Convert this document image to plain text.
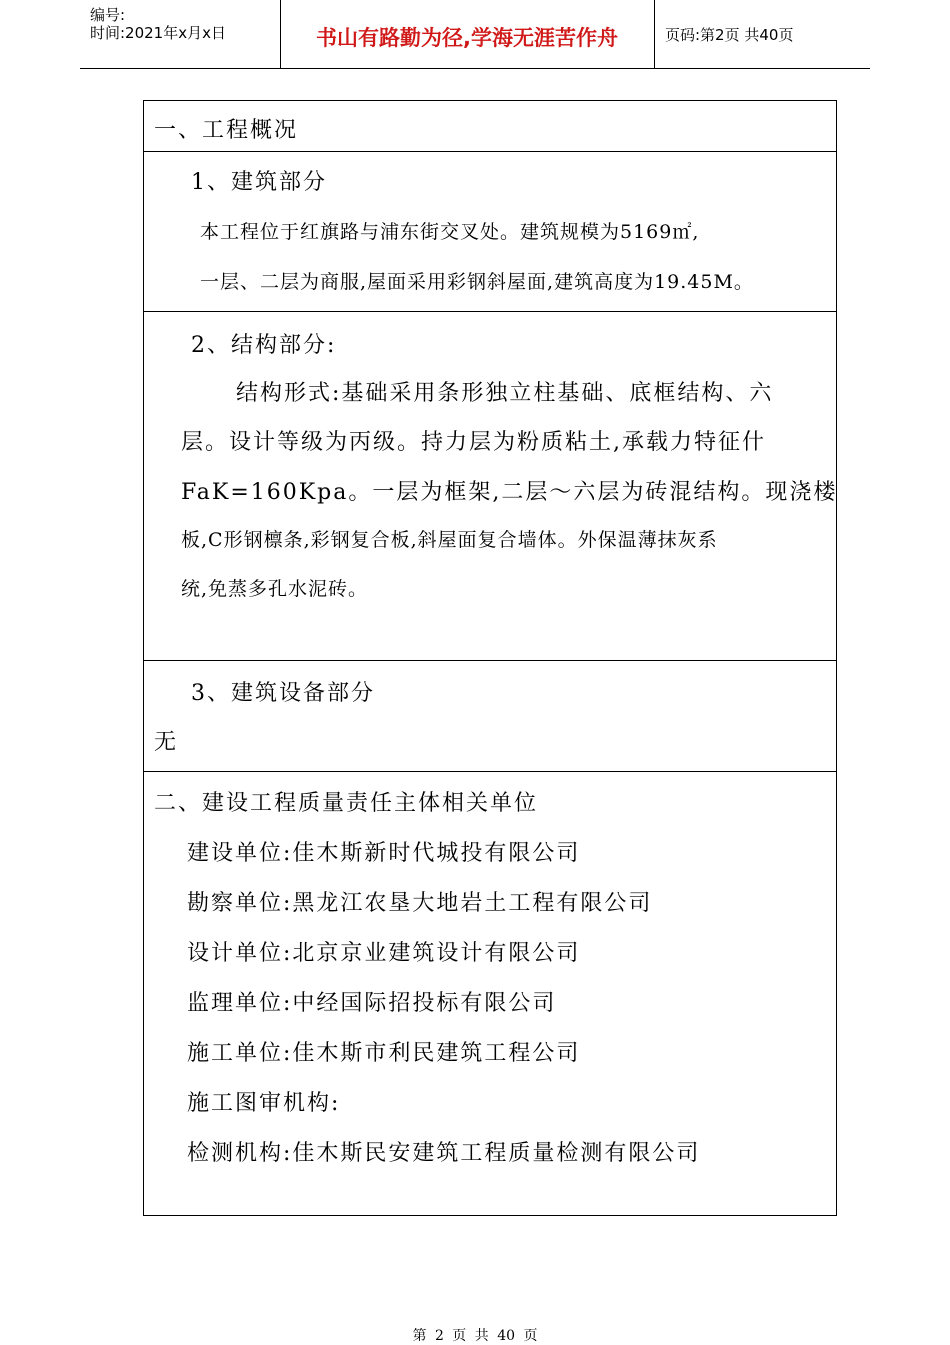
编号:
时间:2021年x月x日	书山有路勤为径,学海无涯苦作舟	页码:第2页 共40页
一、工程概况
1、建筑部分
本工程位于红旗路与浦东街交叉处。建筑规模为5169㎡,
一层、二层为商服,屋面采用彩钢斜屋面,建筑高度为19.45M。
2、结构部分:
结构形式:基础采用条形独立柱基础、底框结构、六
层。设计等级为丙级。持力层为粉质粘土,承载力特征什
FaK=160Kpa。一层为框架,二层～六层为砖混结构。现浇楼
板,C形钢檩条,彩钢复合板,斜屋面复合墙体。外保温薄抹灰系
统,免蒸多孔水泥砖。
3、建筑设备部分
无
二、建设工程质量责任主体相关单位
建设单位:佳木斯新时代城投有限公司
勘察单位:黑龙江农垦大地岩土工程有限公司
设计单位:北京京业建筑设计有限公司
监理单位:中经国际招投标有限公司
施工单位:佳木斯市利民建筑工程公司
施工图审机构:
检测机构:佳木斯民安建筑工程质量检测有限公司
第 2 页 共 40 页
